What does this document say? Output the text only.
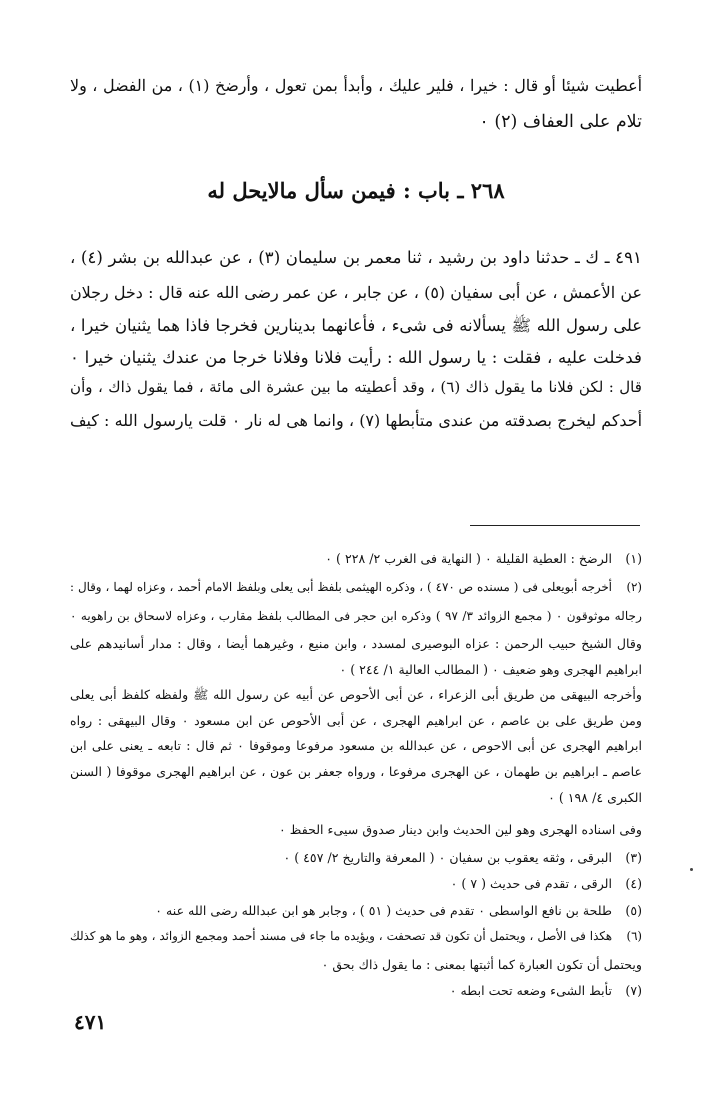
أعطيت شيئا أو قال : خيرا ، فلير عليك ، وأبدأ بمن تعول ، وأرضخ (١) ، من الفضل ، ولا
تلام على العفاف (٢) ٠
٢٦٨ ـ باب : فيمن سأل مالايحل له
٤٩١ ـ ك ـ حدثنا داود بن رشيد ، ثنا معمر بن سليمان (٣) ، عن عبدالله بن بشر (٤) ،
عن الأعمش ، عن أبى سفيان (٥) ، عن جابر ، عن عمر رضى الله عنه قال : دخل رجلان
على رسول الله ﷺ يسألانه فى شىء ، فأعانهما بدينارين فخرجا فاذا هما يثنيان خيرا ،
فدخلت عليه ، فقلت : يا رسول الله : رأيت فلانا وفلانا خرجا من عندك يثنيان خيرا ٠
قال : لكن فلانا ما يقول ذاك (٦) ، وقد أعطيته ما بين عشرة الى مائة ، فما يقول ذاك ، وأن
أحدكم ليخرج بصدقته من عندى متأبطها (٧) ، وانما هى له نار ٠ قلت يارسول الله : كيف
(١) الرضخ : العطية القليلة ٠ ( النهاية فى الغرب ٢/ ٢٢٨ ) ٠
(٢) أخرجه أبويعلى فى ( مسنده ص ٤٧٠ ) ، وذكره الهيثمى بلفظ أبى يعلى وبلفظ الامام أحمد ، وعزاه لهما ، وقال :
رجاله موثوقون ٠ ( مجمع الزوائد ٣/ ٩٧ ) وذكره ابن حجر فى المطالب بلفظ مقارب ، وعزاه لاسحاق بن راهويه ٠
وقال الشيخ حبيب الرحمن : عزاه البوصيرى لمسدد ، وابن منيع ، وغيرهما أيضا ، وقال : مدار أسانيدهم على
ابراهيم الهجرى وهو ضعيف ٠ ( المطالب العالية ١/ ٢٤٤ ) ٠
وأخرجه البيهقى من طريق أبى الزعراء ، عن أبى الأحوص عن أبيه عن رسول الله ﷺ ولفظه كلفظ أبى يعلى
ومن طريق على بن عاصم ، عن ابراهيم الهجرى ، عن أبى الأحوص عن ابن مسعود ٠ وقال البيهقى : رواه
ابراهيم الهجرى عن أبى الاحوص ، عن عبدالله بن مسعود مرفوعا وموقوفا ٠ ثم قال : تابعه ـ يعنى على ابن
عاصم ـ ابراهيم بن طهمان ، عن الهجرى مرفوعا ، ورواه جعفر بن عون ، عن ابراهيم الهجرى موقوفا ( السنن
الكبرى ٤/ ١٩٨ ) ٠
وفى اسناده الهجرى وهو لين الحديث وابن دينار صدوق سيىء الحفظ ٠
(٣) البرقى ، وثقه يعقوب بن سفيان ٠ ( المعرفة والتاريخ ٢/ ٤٥٧ ) ٠
(٤) الرقى ، تقدم فى حديث ( ٧ ) ٠
(٥) طلحة بن نافع الواسطى ٠ تقدم فى حديث ( ٥١ ) ، وجابر هو ابن عبدالله رضى الله عنه ٠
(٦) هكذا فى الأصل ، ويحتمل أن تكون قد تصحفت ، ويؤيده ما جاء فى مسند أحمد ومجمع الزوائد ، وهو ما هو كذلك
ويحتمل أن تكون العبارة كما أثبتها بمعنى : ما يقول ذاك بحق ٠
(٧) تأبط الشىء وضعه تحت ابطه ٠
٤٧١
